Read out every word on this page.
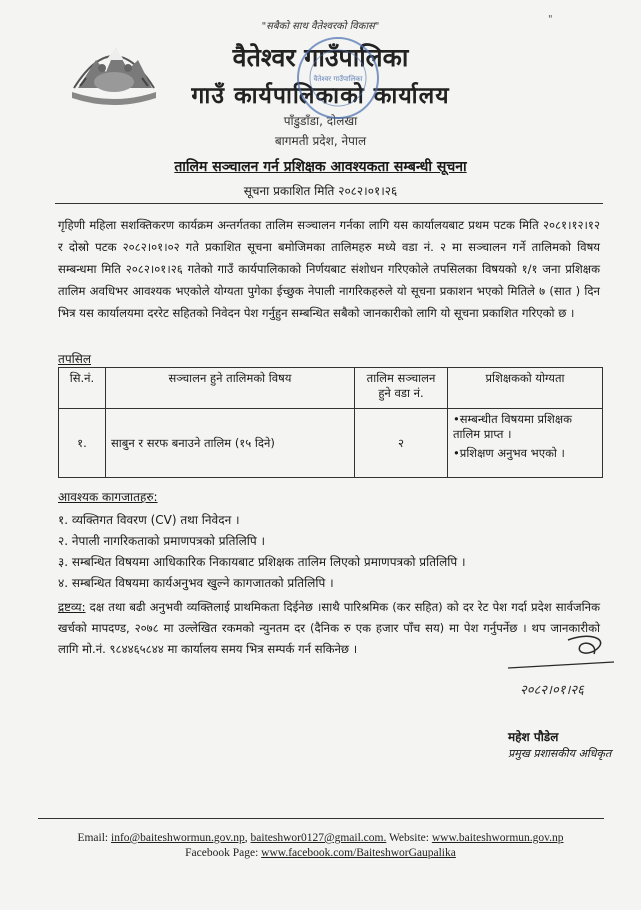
"सबैको साथ वैतेश्वरको विकास"
"
वैतेश्वर गाउँपालिका
गाउँ कार्यपालिकाको कार्यालय
पाँडुडाँडा, दोलखा
बागमती प्रदेश, नेपाल
वैतेश्वर गाउँपालिका
तालिम सञ्चालन गर्न प्रशिक्षक आवश्यकता सम्बन्धी सूचना
सूचना प्रकाशित मिति २०८२।०१।२६
गृहिणी महिला सशक्तिकरण कार्यक्रम अन्तर्गतका तालिम सञ्चालन गर्नका लागि यस कार्यालयबाट प्रथम पटक मिति २०८१।१२।१२ र दोस्रो पटक २०८२।०१।०२ गते प्रकाशित सूचना बमोजिमका तालिमहरु मध्ये वडा नं. २ मा सञ्चालन गर्ने तालिमको विषय सम्बन्धमा मिति २०८२।०१।२६ गतेको गाउँ कार्यपालिकाको निर्णयबाट संशोधन गरिएकोले तपसिलका विषयको १/१ जना प्रशिक्षक तालिम अवधिभर आवश्यक भएकोले योग्यता पुगेका ईच्छुक नेपाली नागरिकहरुले यो सूचना प्रकाशन भएको मितिले ७ (सात ) दिन भित्र यस कार्यालयमा दररेट सहितको निवेदन पेश गर्नुहुन सम्बन्धित सबैको जानकारीको लागि यो सूचना प्रकाशित गरिएको छ ।
तपसिल
सि.नं.	सञ्चालन हुने तालिमको विषय	तालिम सञ्चालन हुने वडा नं.	प्रशिक्षकको योग्यता
१.	साबुन र सरफ बनाउने तालिम (१५ दिने)	२	•सम्बन्धीत विषयमा प्रशिक्षक तालिम प्राप्त ।
•प्रशिक्षण अनुभव भएको ।
आवश्यक कागजातहरु:
१. व्यक्तिगत विवरण (CV) तथा निवेदन ।
२. नेपाली नागरिकताको प्रमाणपत्रको प्रतिलिपि ।
३. सम्बन्धित विषयमा आधिकारिक निकायबाट प्रशिक्षक तालिम लिएको प्रमाणपत्रको प्रतिलिपि ।
४. सम्बन्धित विषयमा कार्यअनुभव खुल्ने कागजातको प्रतिलिपि ।
द्रष्टव्य: दक्ष तथा बढी अनुभवी व्यक्तिलाई प्राथमिकता दिईनेछ ।साथै पारिश्रमिक (कर सहित) को दर रेट पेश गर्दा प्रदेश सार्वजनिक खर्चको मापदण्ड, २०७८ मा उल्लेखित रकमको न्युनतम दर (दैनिक रु एक हजार पाँच सय) मा पेश गर्नुपर्नेछ । थप जानकारीको लागि मो.नं. ९८४४६५८४४ मा कार्यालय समय भित्र सम्पर्क गर्न सकिनेछ ।
२०८२।०१।२६
महेश पौडेल
प्रमुख प्रशासकीय अधिकृत
Email: info@baiteshwormun.gov.np, baiteshwor0127@gmail.com. Website: www.baiteshwormun.gov.np
Facebook Page: www.facebook.com/BaiteshworGaupalika
